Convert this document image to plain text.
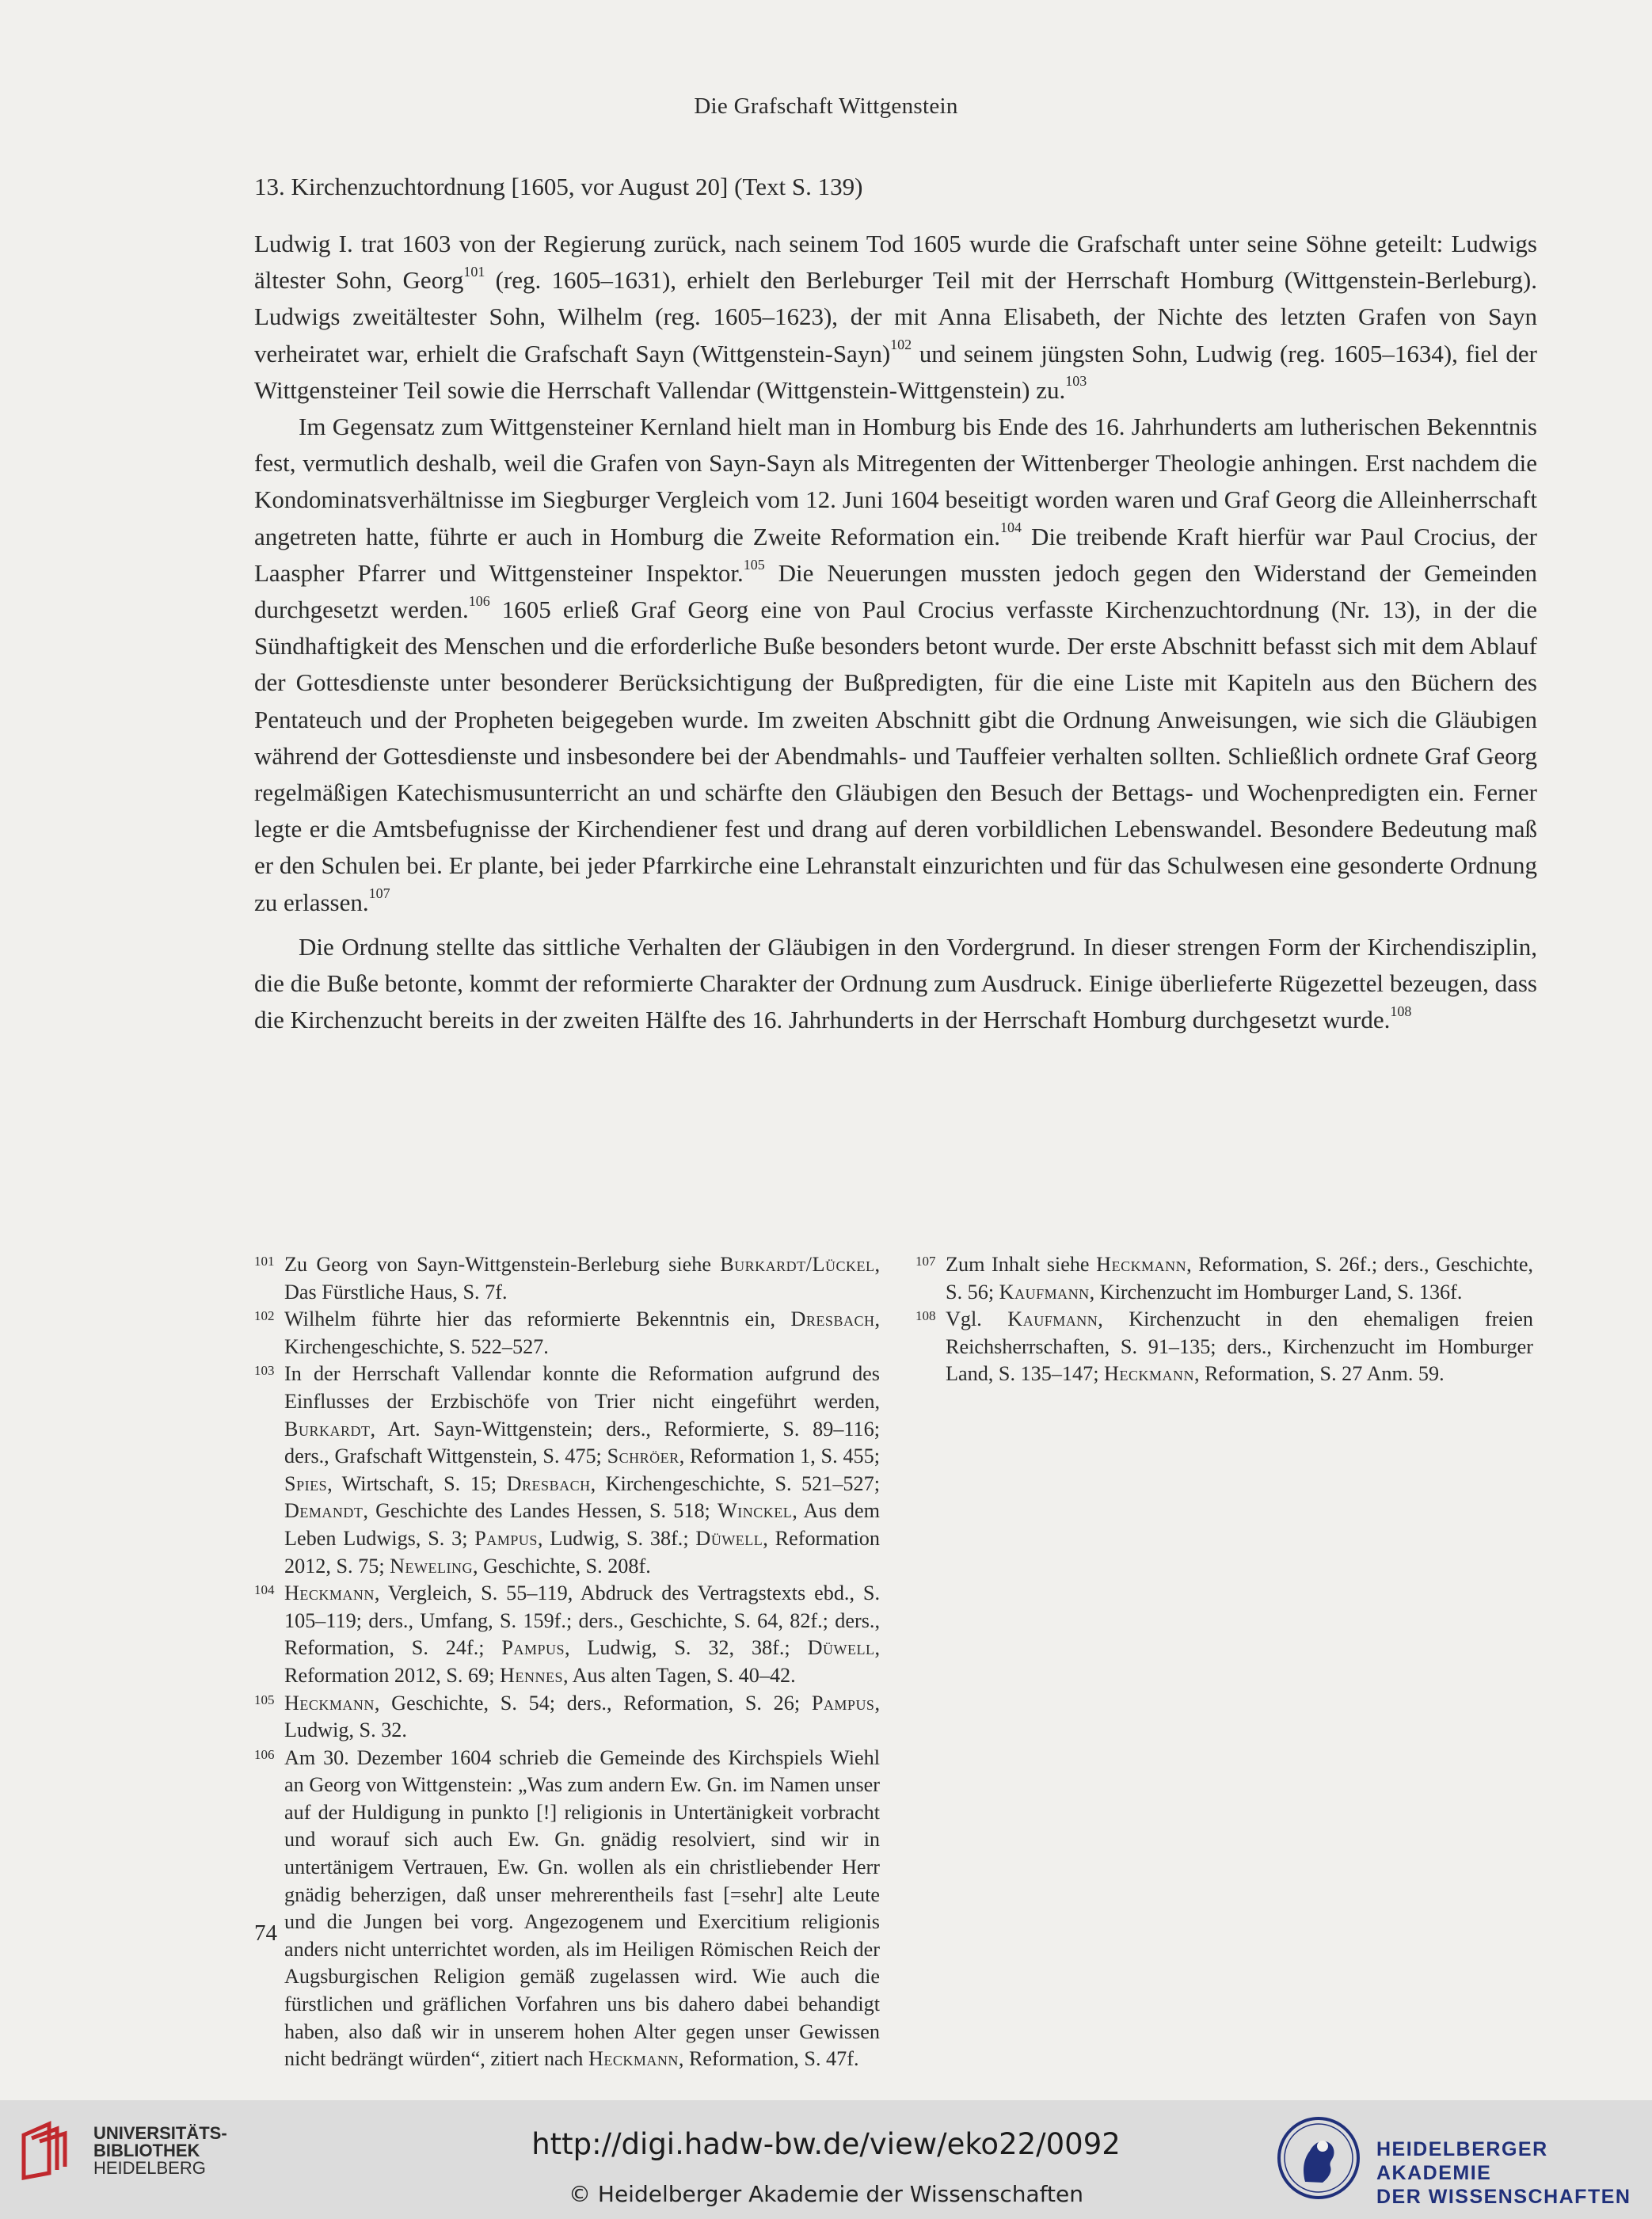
Die Grafschaft Wittgenstein
13. Kirchenzuchtordnung [1605, vor August 20] (Text S. 139)

Ludwig I. trat 1603 von der Regierung zurück, nach seinem Tod 1605 wurde die Grafschaft unter seine Söhne geteilt: Ludwigs ältester Sohn, Georg$^{101}$ (reg. 1605–1631), erhielt den Berleburger Teil mit der Herrschaft Homburg (Wittgenstein-Berleburg). Ludwigs zweitältester Sohn, Wilhelm (reg. 1605–1623), der mit Anna Elisabeth, der Nichte des letzten Grafen von Sayn verheiratet war, erhielt die Grafschaft Sayn (Wittgenstein-Sayn)$^{102}$ und seinem jüngsten Sohn, Ludwig (reg. 1605–1634), fiel der Wittgensteiner Teil sowie die Herrschaft Vallendar (Wittgenstein-Wittgenstein) zu.$^{103}$

Im Gegensatz zum Wittgensteiner Kernland hielt man in Homburg bis Ende des 16. Jahrhunderts am lutherischen Bekenntnis fest, vermutlich deshalb, weil die Grafen von Sayn-Sayn als Mitregenten der Wittenberger Theologie anhingen. Erst nachdem die Kondominatsverhältnisse im Siegburger Vergleich vom 12. Juni 1604 beseitigt worden waren und Graf Georg die Alleinherrschaft angetreten hatte, führte er auch in Homburg die Zweite Reformation ein.$^{104}$ Die treibende Kraft hierfür war Paul Crocius, der Laaspher Pfarrer und Wittgensteiner Inspektor.$^{105}$ Die Neuerungen mussten jedoch gegen den Widerstand der Gemeinden durchgesetzt werden.$^{106}$ 1605 erließ Graf Georg eine von Paul Crocius verfasste Kirchenzuchtordnung (Nr. 13), in der die Sündhaftigkeit des Menschen und die erforderliche Buße besonders betont wurde. Der erste Abschnitt befasst sich mit dem Ablauf der Gottesdienste unter besonderer Berücksichtigung der Bußpredigten, für die eine Liste mit Kapiteln aus den Büchern des Pentateuch und der Propheten beigegeben wurde. Im zweiten Abschnitt gibt die Ordnung Anweisungen, wie sich die Gläubigen während der Gottesdienste und insbesondere bei der Abendmahls- und Tauffeier verhalten sollten. Schließlich ordnete Graf Georg regelmäßigen Katechismusunterricht an und schärfte den Gläubigen den Besuch der Bettags- und Wochenpredigten ein. Ferner legte er die Amtsbefugnisse der Kirchendiener fest und drang auf deren vorbildlichen Lebenswandel. Besondere Bedeutung maß er den Schulen bei. Er plante, bei jeder Pfarrkirche eine Lehranstalt einzurichten und für das Schulwesen eine gesonderte Ordnung zu erlassen.$^{107}$

Die Ordnung stellte das sittliche Verhalten der Gläubigen in den Vordergrund. In dieser strengen Form der Kirchendisziplin, die die Buße betonte, kommt der reformierte Charakter der Ordnung zum Ausdruck. Einige überlieferte Rügezettel bezeugen, dass die Kirchenzucht bereits in der zweiten Hälfte des 16. Jahrhunderts in der Herrschaft Homburg durchgesetzt wurde.$^{108}$

101 Zu Georg von Sayn-Wittgenstein-Berleburg siehe Burkardt/Lückel, Das Fürstliche Haus, S. 7f.
102 Wilhelm führte hier das reformierte Bekenntnis ein, Dresbach, Kirchengeschichte, S. 522–527.
103 In der Herrschaft Vallendar konnte die Reformation aufgrund des Einflusses der Erzbischöfe von Trier nicht eingeführt werden, Burkardt, Art. Sayn-Wittgenstein; ders., Reformierte, S. 89–116; ders., Grafschaft Wittgenstein, S. 475; Schröer, Reformation 1, S. 455; Spies, Wirtschaft, S. 15; Dresbach, Kirchengeschichte, S. 521–527; Demandt, Geschichte des Landes Hessen, S. 518; Winckel, Aus dem Leben Ludwigs, S. 3; Pampus, Ludwig, S. 38f.; Düwell, Reformation 2012, S. 75; Neweling, Geschichte, S. 208f.
104 Heckmann, Vergleich, S. 55–119, Abdruck des Vertragstexts ebd., S. 105–119; ders., Umfang, S. 159f.; ders., Geschichte, S. 64, 82f.; ders., Reformation, S. 24f.; Pampus, Ludwig, S. 32, 38f.; Düwell, Reformation 2012, S. 69; Hennes, Aus alten Tagen, S. 40–42.
105 Heckmann, Geschichte, S. 54; ders., Reformation, S. 26; Pampus, Ludwig, S. 32.
106 Am 30. Dezember 1604 schrieb die Gemeinde des Kirchspiels Wiehl an Georg von Wittgenstein: „Was zum andern Ew. Gn. im Namen unser auf der Huldigung in punkto [!] religionis in Untertänigkeit vorbracht und worauf sich auch Ew. Gn. gnädig resolviert, sind wir in untertänigem Vertrauen, Ew. Gn. wollen als ein christliebender Herr gnädig beherzigen, daß unser mehrerentheils fast [=sehr] alte Leute und die Jungen bei vorg. Angezogenem und Exercitium religionis anders nicht unterrichtet worden, als im Heiligen Römischen Reich der Augsburgischen Religion gemäß zugelassen wird. Wie auch die fürstlichen und gräflichen Vorfahren uns bis dahero dabei behandigt haben, also daß wir in unserem hohen Alter gegen unser Gewissen nicht bedrängt würden“, zitiert nach Heckmann, Reformation, S. 47f.
107 Zum Inhalt siehe Heckmann, Reformation, S. 26f.; ders., Geschichte, S. 56; Kaufmann, Kirchenzucht im Homburger Land, S. 136f.
108 Vgl. Kaufmann, Kirchenzucht in den ehemaligen freien Reichsherrschaften, S. 91–135; ders., Kirchenzucht im Homburger Land, S. 135–147; Heckmann, Reformation, S. 27 Anm. 59.
74
UNIVERSITÄTS-
BIBLIOTHEK
HEIDELBERG
http://digi.hadw-bw.de/view/eko22/0092
© Heidelberger Akademie der Wissenschaften
HEIDELBERGER AKADEMIE
DER WISSENSCHAFTEN
